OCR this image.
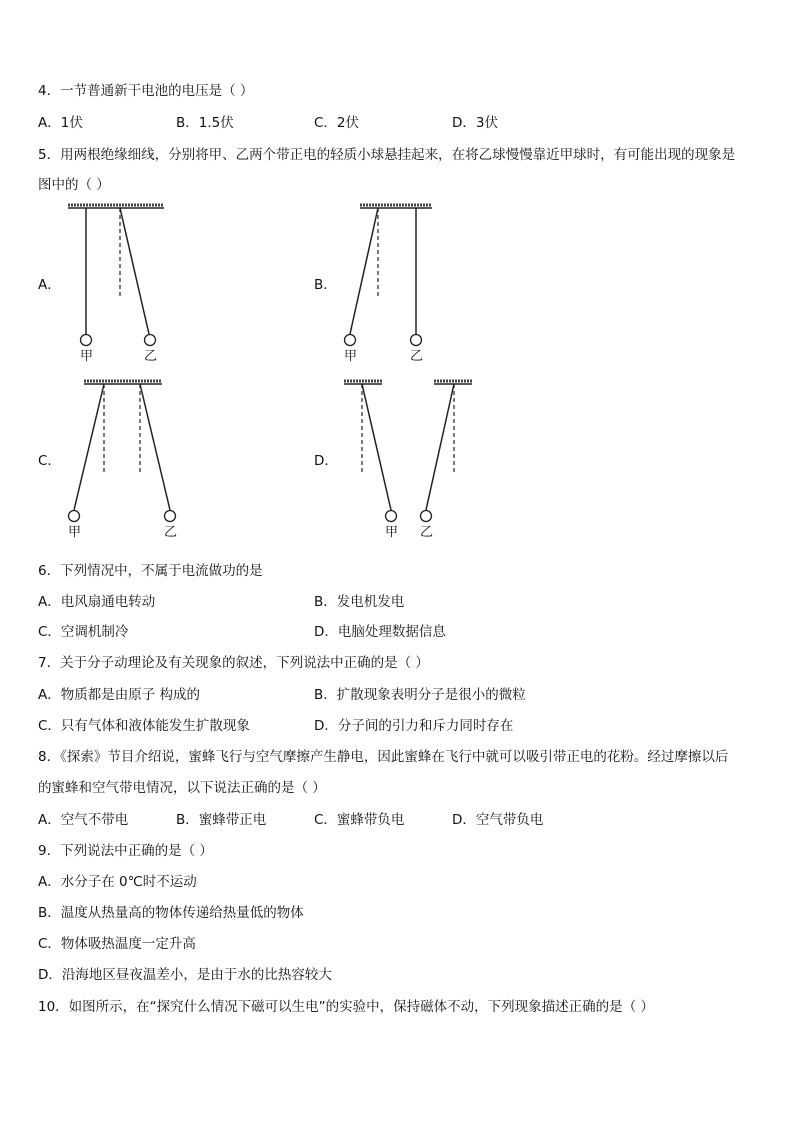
4．一节普通新干电池的电压是（ ）
A．1伏	B．1.5伏	C．2伏	D．3伏
5．用两根绝缘细线，分别将甲、乙两个带正电的轻质小球悬挂起来，在将乙球慢慢靠近甲球时，有可能出现的现象是
图中的（ ）
A．
甲	乙
B．
甲	乙
C．
甲	乙
D．
甲 乙
6．下列情况中，不属于电流做功的是
A．电风扇通电转动	B．发电机发电
C．空调机制冷	D．电脑处理数据信息
7．关于分子动理论及有关现象的叙述，下列说法中正确的是（ ）
A．物质都是由原子 构成的	B．扩散现象表明分子是很小的微粒
C．只有气体和液体能发生扩散现象	D．分子间的引力和斥力同时存在
8．《探索》节目介绍说，蜜蜂飞行与空气摩擦产生静电，因此蜜蜂在飞行中就可以吸引带正电的花粉。经过摩擦以后
的蜜蜂和空气带电情况，以下说法正确的是（ ）
A．空气不带电	B．蜜蜂带正电	C．蜜蜂带负电	D．空气带负电
9．下列说法中正确的是（ ）
A．水分子在 0℃时不运动
B．温度从热量高的物体传递给热量低的物体
C．物体吸热温度一定升高
D．沿海地区昼夜温差小，是由于水的比热容较大
10．如图所示，在“探究什么情况下磁可以生电”的实验中，保持磁体不动，下列现象描述正确的是（ ）
